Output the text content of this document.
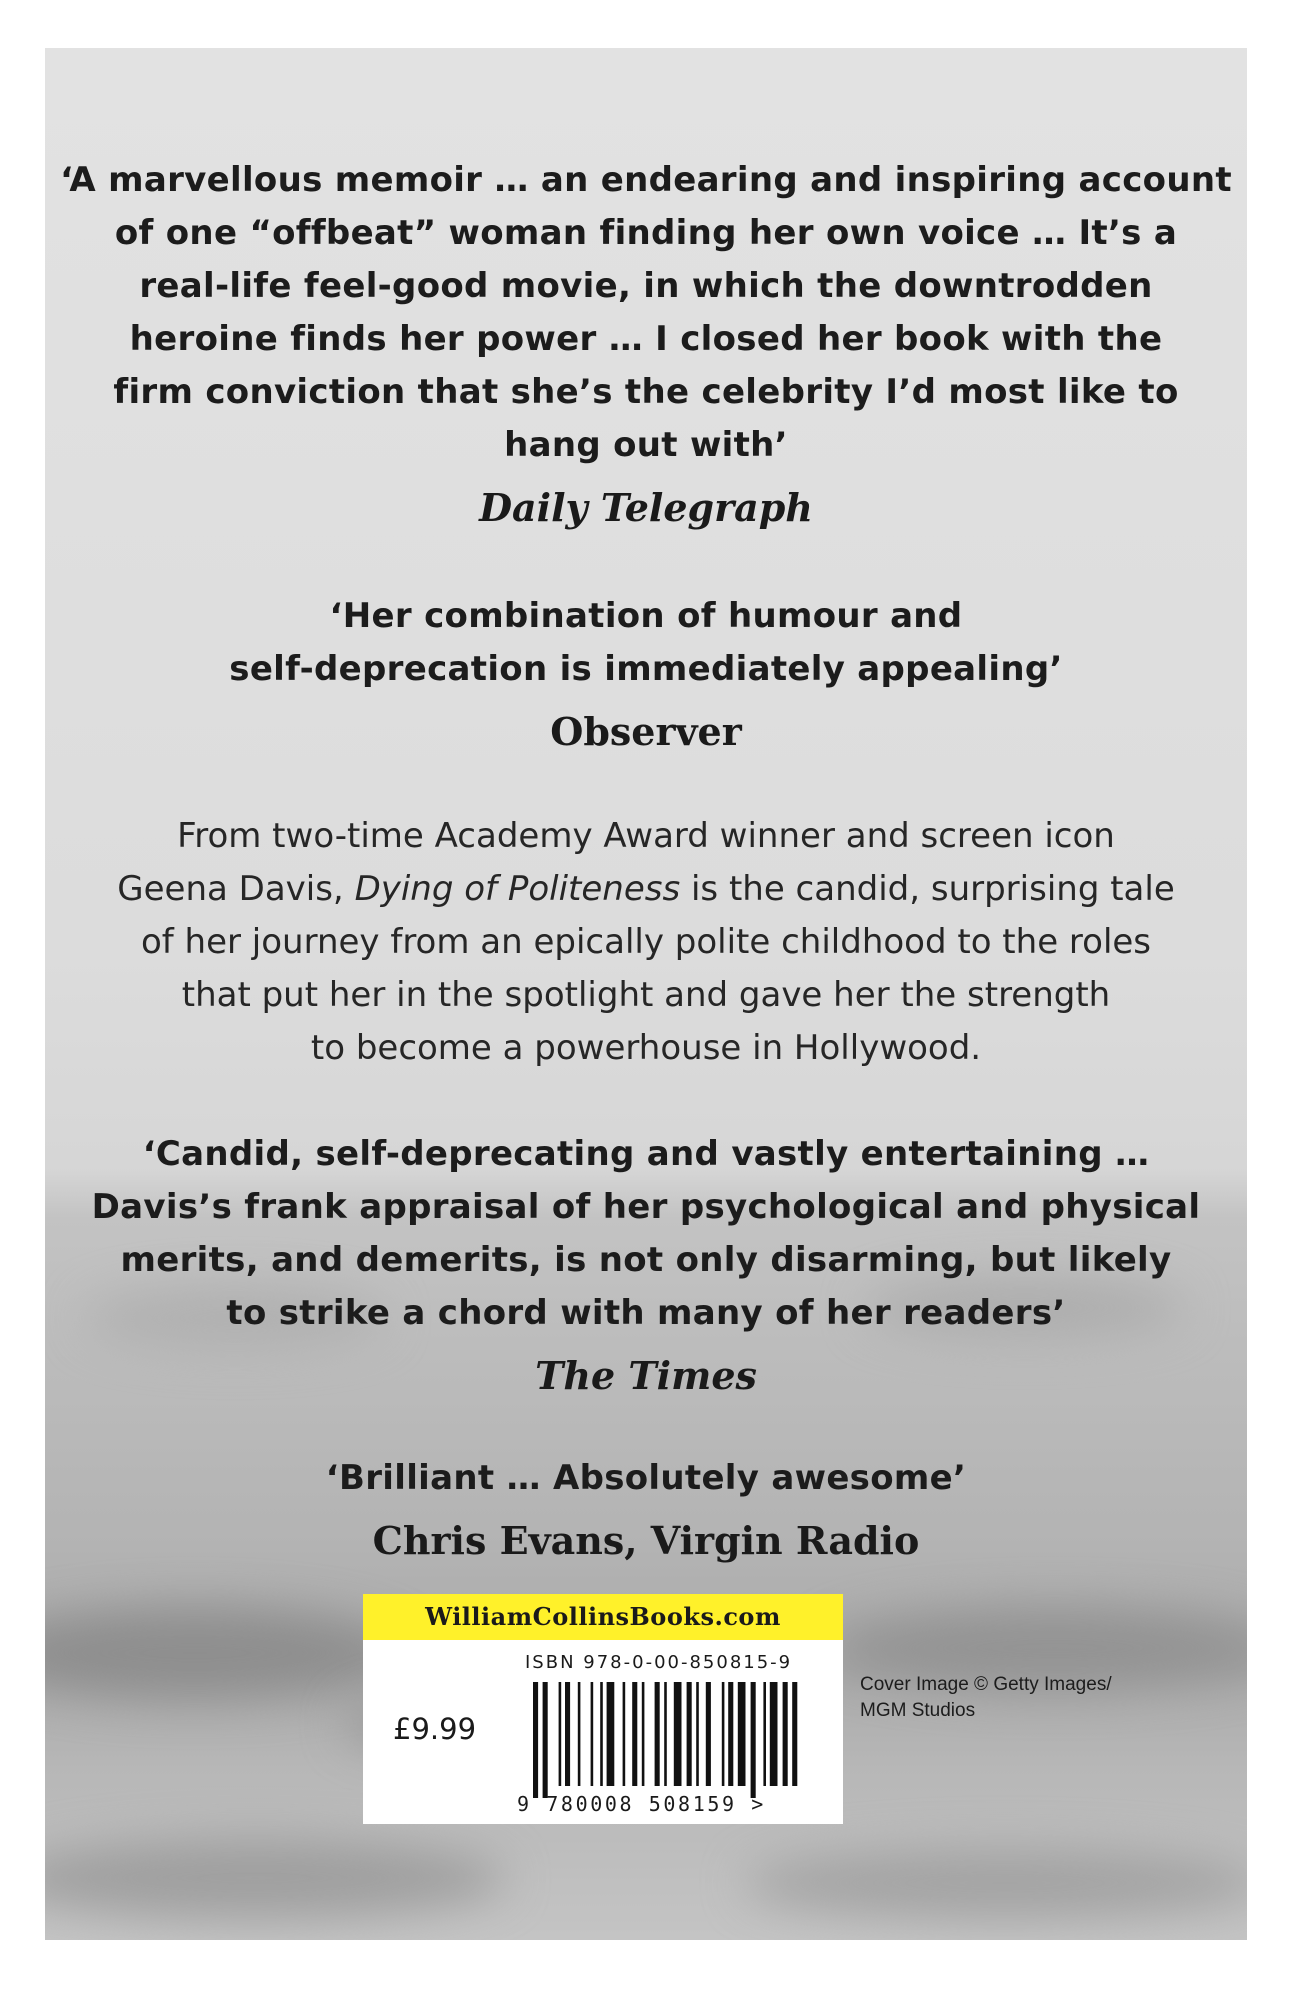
‘A marvellous memoir … an endearing and inspiring account
of one “offbeat” woman finding her own voice … It’s a
real-life feel-good movie, in which the downtrodden
heroine finds her power … I closed her book with the
firm conviction that she’s the celebrity I’d most like to
hang out with’
Daily Telegraph
‘Her combination of humour and
self-deprecation is immediately appealing’
Observer
From two-time Academy Award winner and screen icon
Geena Davis, Dying of Politeness is the candid, surprising tale
of her journey from an epically polite childhood to the roles
that put her in the spotlight and gave her the strength
to become a powerhouse in Hollywood.
‘Candid, self-deprecating and vastly entertaining …
Davis’s frank appraisal of her psychological and physical
merits, and demerits, is not only disarming, but likely
to strike a chord with many of her readers’
The Times
‘Brilliant … Absolutely awesome’
Chris Evans, Virgin Radio
WilliamCollinsBooks.com
ISBN 978-0-00-850815-9
£9.99
9 780008 508159 >
Cover Image © Getty Images/
MGM Studios
